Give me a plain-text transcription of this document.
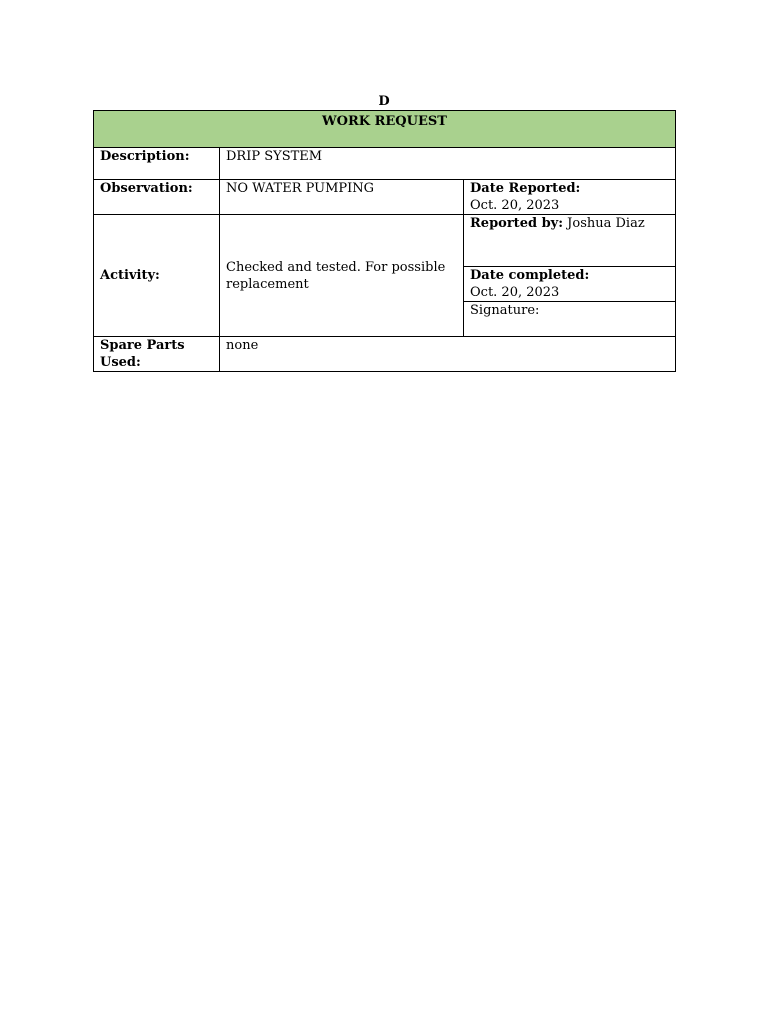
D
WORK REQUEST		
Description:	DRIP SYSTEM	
Observation:	NO WATER PUMPING	Date Reported:
Oct. 20, 2023

Activity:	Checked and tested. For possible replacement	Reported by: Joshua Diaz

		Date completed:
Oct. 20, 2023

		Signature:
Spare Parts Used:	none	
